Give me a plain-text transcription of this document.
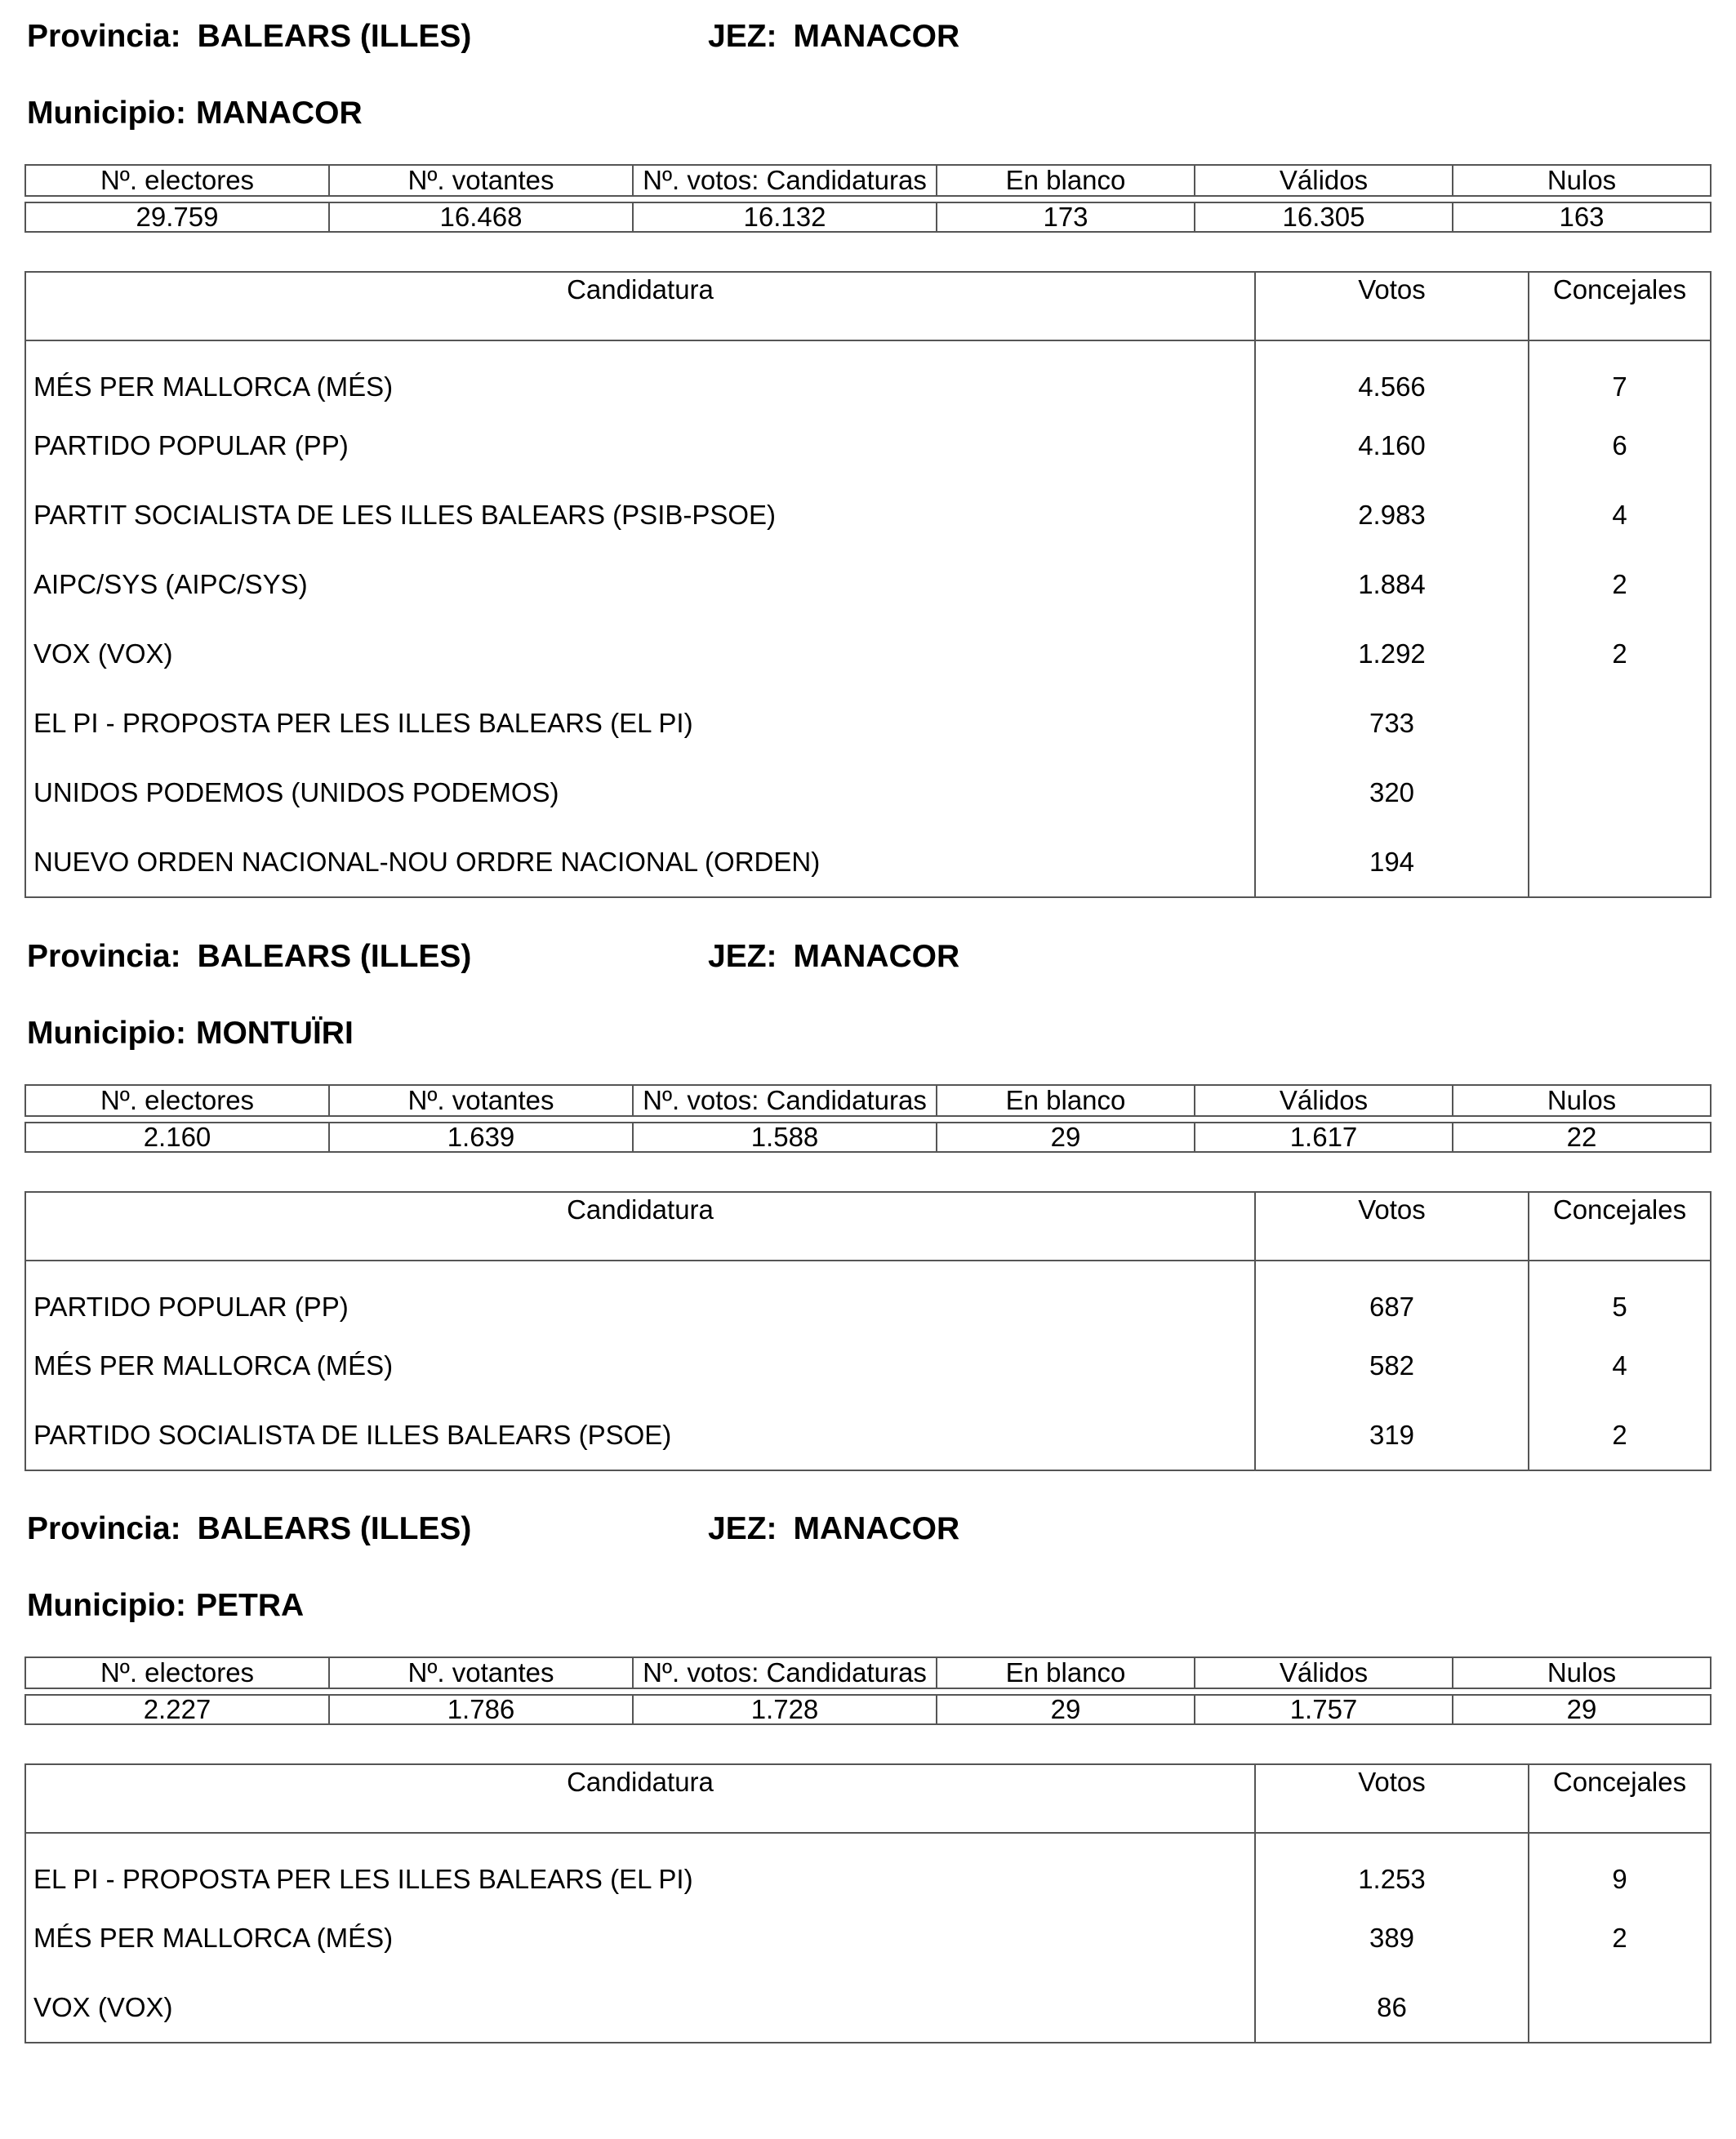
Provincia: BALEARS (ILLES)	JEZ: MANACOR
Municipio: MANACOR
Nº. electores	Nº. votantes	Nº. votos: Candidaturas	En blanco	Válidos	Nulos

29.759	16.468	16.132	173	16.305	163
Candidatura	Votos	Concejales
MÉS PER MALLORCA (MÉS)	4.566	7
PARTIDO POPULAR (PP)	4.160	6
PARTIT SOCIALISTA DE LES ILLES BALEARS (PSIB-PSOE)	2.983	4
AIPC/SYS (AIPC/SYS)	1.884	2
VOX (VOX)	1.292	2
EL PI - PROPOSTA PER LES ILLES BALEARS (EL PI)	733	
UNIDOS PODEMOS (UNIDOS PODEMOS)	320	
NUEVO ORDEN NACIONAL-NOU ORDRE NACIONAL (ORDEN)	194	
Provincia: BALEARS (ILLES)	JEZ: MANACOR
Municipio: MONTUÏRI
Nº. electores	Nº. votantes	Nº. votos: Candidaturas	En blanco	Válidos	Nulos

2.160	1.639	1.588	29	1.617	22
Candidatura	Votos	Concejales
PARTIDO POPULAR (PP)	687	5
MÉS PER MALLORCA (MÉS)	582	4
PARTIDO SOCIALISTA DE ILLES BALEARS (PSOE)	319	2
Provincia: BALEARS (ILLES)	JEZ: MANACOR
Municipio: PETRA
Nº. electores	Nº. votantes	Nº. votos: Candidaturas	En blanco	Válidos	Nulos

2.227	1.786	1.728	29	1.757	29
Candidatura	Votos	Concejales
EL PI - PROPOSTA PER LES ILLES BALEARS (EL PI)	1.253	9
MÉS PER MALLORCA (MÉS)	389	2
VOX (VOX)	86	
